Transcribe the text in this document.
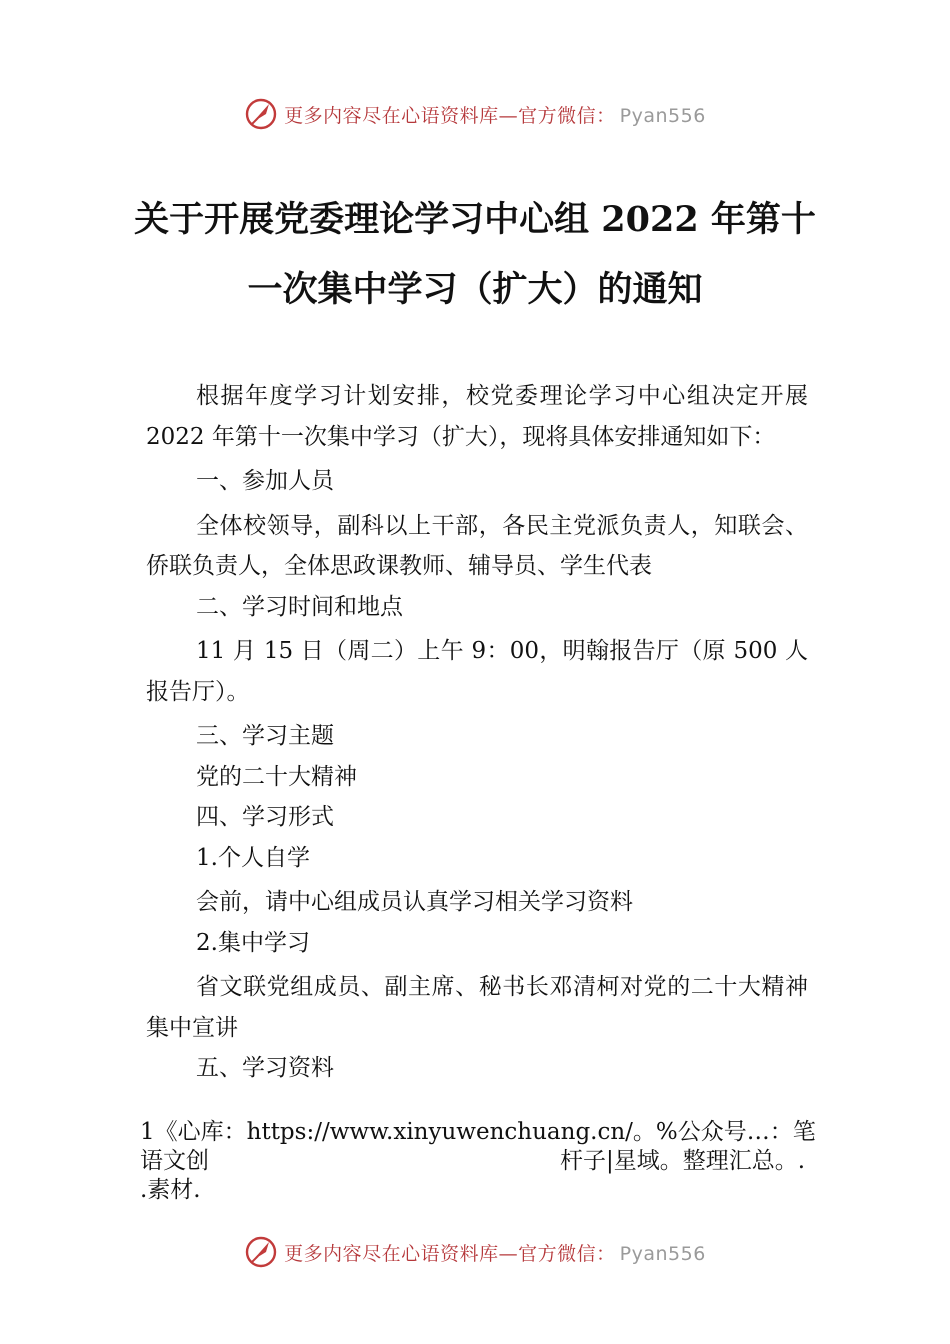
更多内容尽在心语资料库—官方微信： Pyan556
关于开展党委理论学习中心组 2022 年第十
一次集中学习（扩大）的通知

根据年度学习计划安排，校党委理论学习中心组决定开展 2022 年第十一次集中学习（扩大），现将具体安排通知如下：

一、参加人员

全体校领导，副科以上干部，各民主党派负责人，知联会、侨联负责人，全体思政课教师、辅导员、学生代表

二、学习时间和地点

11 月 15 日（周二）上午 9：00，明翰报告厅（原 500 人报告厅）。

三、学习主题

党的二十大精神

四、学习形式

1.个人自学

会前，请中心组成员认真学习相关学习资料

2.集中学习

省文联党组成员、副主席、秘书长邓清柯对党的二十大精神集中宣讲

五、学习资料

1《心库：https://www.xinyuwenchuang.cn/。%公众号…：笔
语文创	杆子|星域。整理汇总。.
.素材.
更多内容尽在心语资料库—官方微信： Pyan556
